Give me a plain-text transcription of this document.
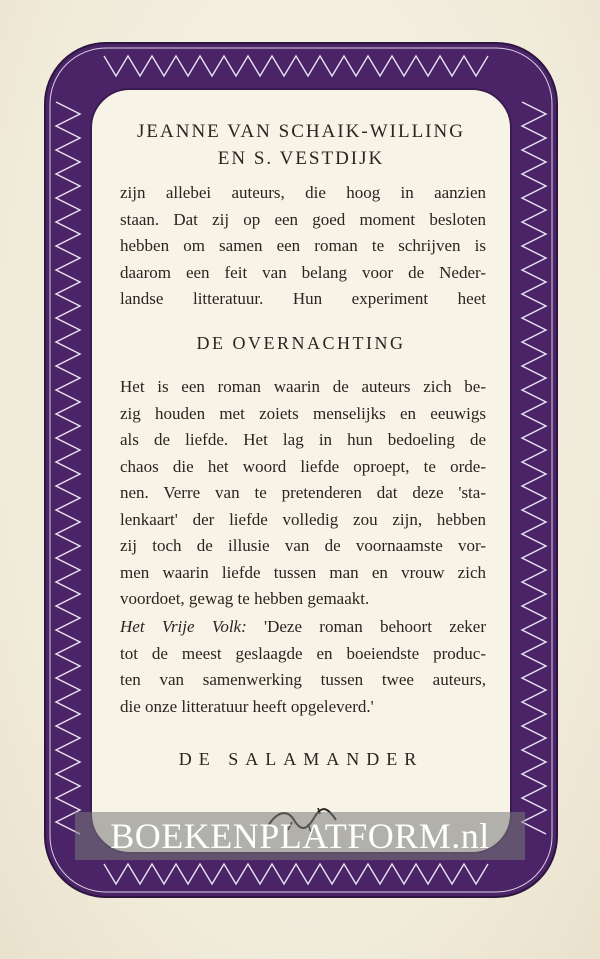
JEANNE VAN SCHAIK-WILLING
EN S. VESTDIJK
zijn allebei auteurs, die hoog in aanzien
staan. Dat zij op een goed moment besloten
hebben om samen een roman te schrijven is
daarom een feit van belang voor de Neder-
landse litteratuur. Hun experiment heet
DE OVERNACHTING
Het is een roman waarin de auteurs zich be-
zig houden met zoiets menselijks en eeuwigs
als de liefde. Het lag in hun bedoeling de
chaos die het woord liefde oproept, te orde-
nen. Verre van te pretenderen dat deze 'sta-
lenkaart' der liefde volledig zou zijn, hebben
zij toch de illusie van de voornaamste vor-
men waarin liefde tussen man en vrouw zich
voordoet, gewag te hebben gemaakt.
Het Vrije Volk: 'Deze roman behoort zeker
tot de meest geslaagde en boeiendste produc-
ten van samenwerking tussen twee auteurs,
die onze litteratuur heeft opgeleverd.'
DE SALAMANDER
BOEKENPLATFORM.nl
